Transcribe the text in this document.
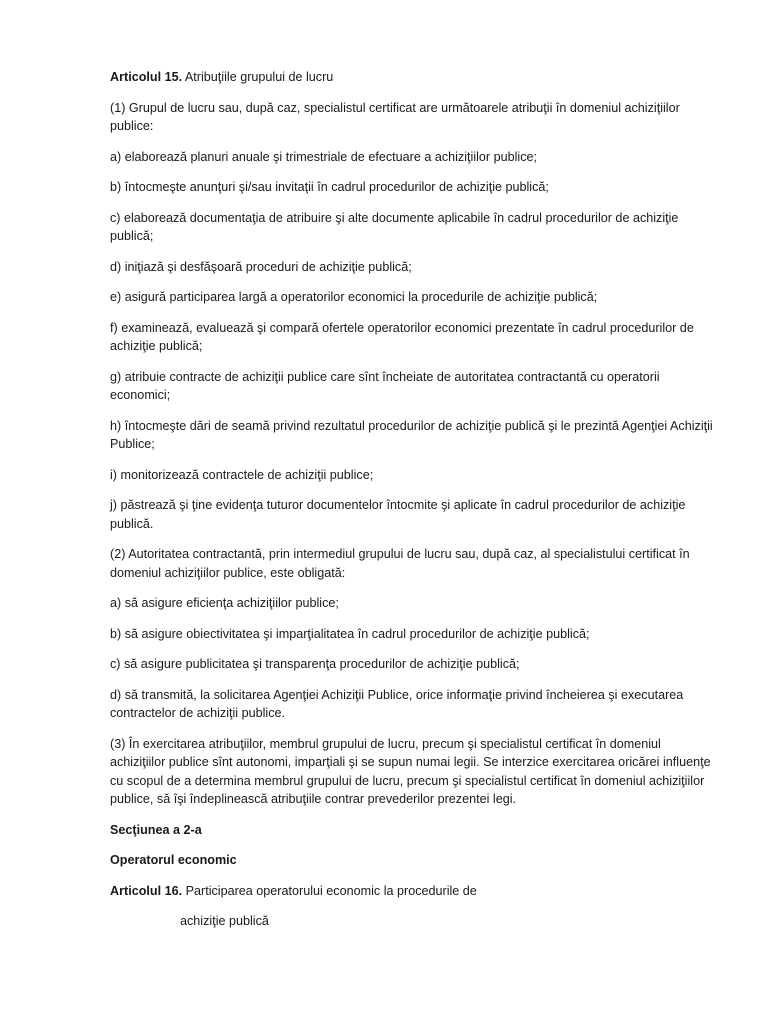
Articolul 15. Atribuţiile grupului de lucru

(1) Grupul de lucru sau, după caz, specialistul certificat are următoarele atribuţii în domeniul achiziţiilor publice:

a) elaborează planuri anuale şi trimestriale de efectuare a achiziţiilor publice;

b) întocmeşte anunţuri şi/sau invitaţii în cadrul procedurilor de achiziţie publică;

c) elaborează documentaţia de atribuire şi alte documente aplicabile în cadrul procedurilor de achiziţie publică;

d) iniţiază şi desfăşoară proceduri de achiziţie publică;

e) asigură participarea largă a operatorilor economici la procedurile de achiziţie publică;

f) examinează, evaluează şi compară ofertele operatorilor economici prezentate în cadrul procedurilor de achiziţie publică;

g) atribuie contracte de achiziţii publice care sînt încheiate de autoritatea contractantă cu operatorii economici;

h) întocmeşte dări de seamă privind rezultatul procedurilor de achiziţie publică şi le prezintă Agenţiei Achiziţii Publice;

i) monitorizează contractele de achiziţii publice;

j) păstrează şi ţine evidenţa tuturor documentelor întocmite şi aplicate în cadrul procedurilor de achiziţie publică.

(2) Autoritatea contractantă, prin intermediul grupului de lucru sau, după caz, al specialistului certificat în domeniul achiziţiilor publice, este obligată:

a) să asigure eficienţa achiziţiilor publice;

b) să asigure obiectivitatea şi imparţialitatea în cadrul procedurilor de achiziţie publică;

c) să asigure publicitatea şi transparenţa procedurilor de achiziţie publică;

d) să transmită, la solicitarea Agenţiei Achiziţii Publice, orice informaţie privind încheierea şi executarea contractelor de achiziţii publice.

(3) În exercitarea atribuţiilor, membrul grupului de lucru, precum şi specialistul certificat în domeniul achiziţiilor publice sînt autonomi, imparţiali şi se supun numai legii. Se interzice exercitarea oricărei influenţe cu scopul de a determina membrul grupului de lucru, precum şi specialistul certificat în domeniul achiziţiilor publice, să îşi îndeplinească atribuţiile contrar prevederilor prezentei legi.

Secţiunea a 2-a

Operatorul economic

Articolul 16. Participarea operatorului economic la procedurile de

achiziţie publică
